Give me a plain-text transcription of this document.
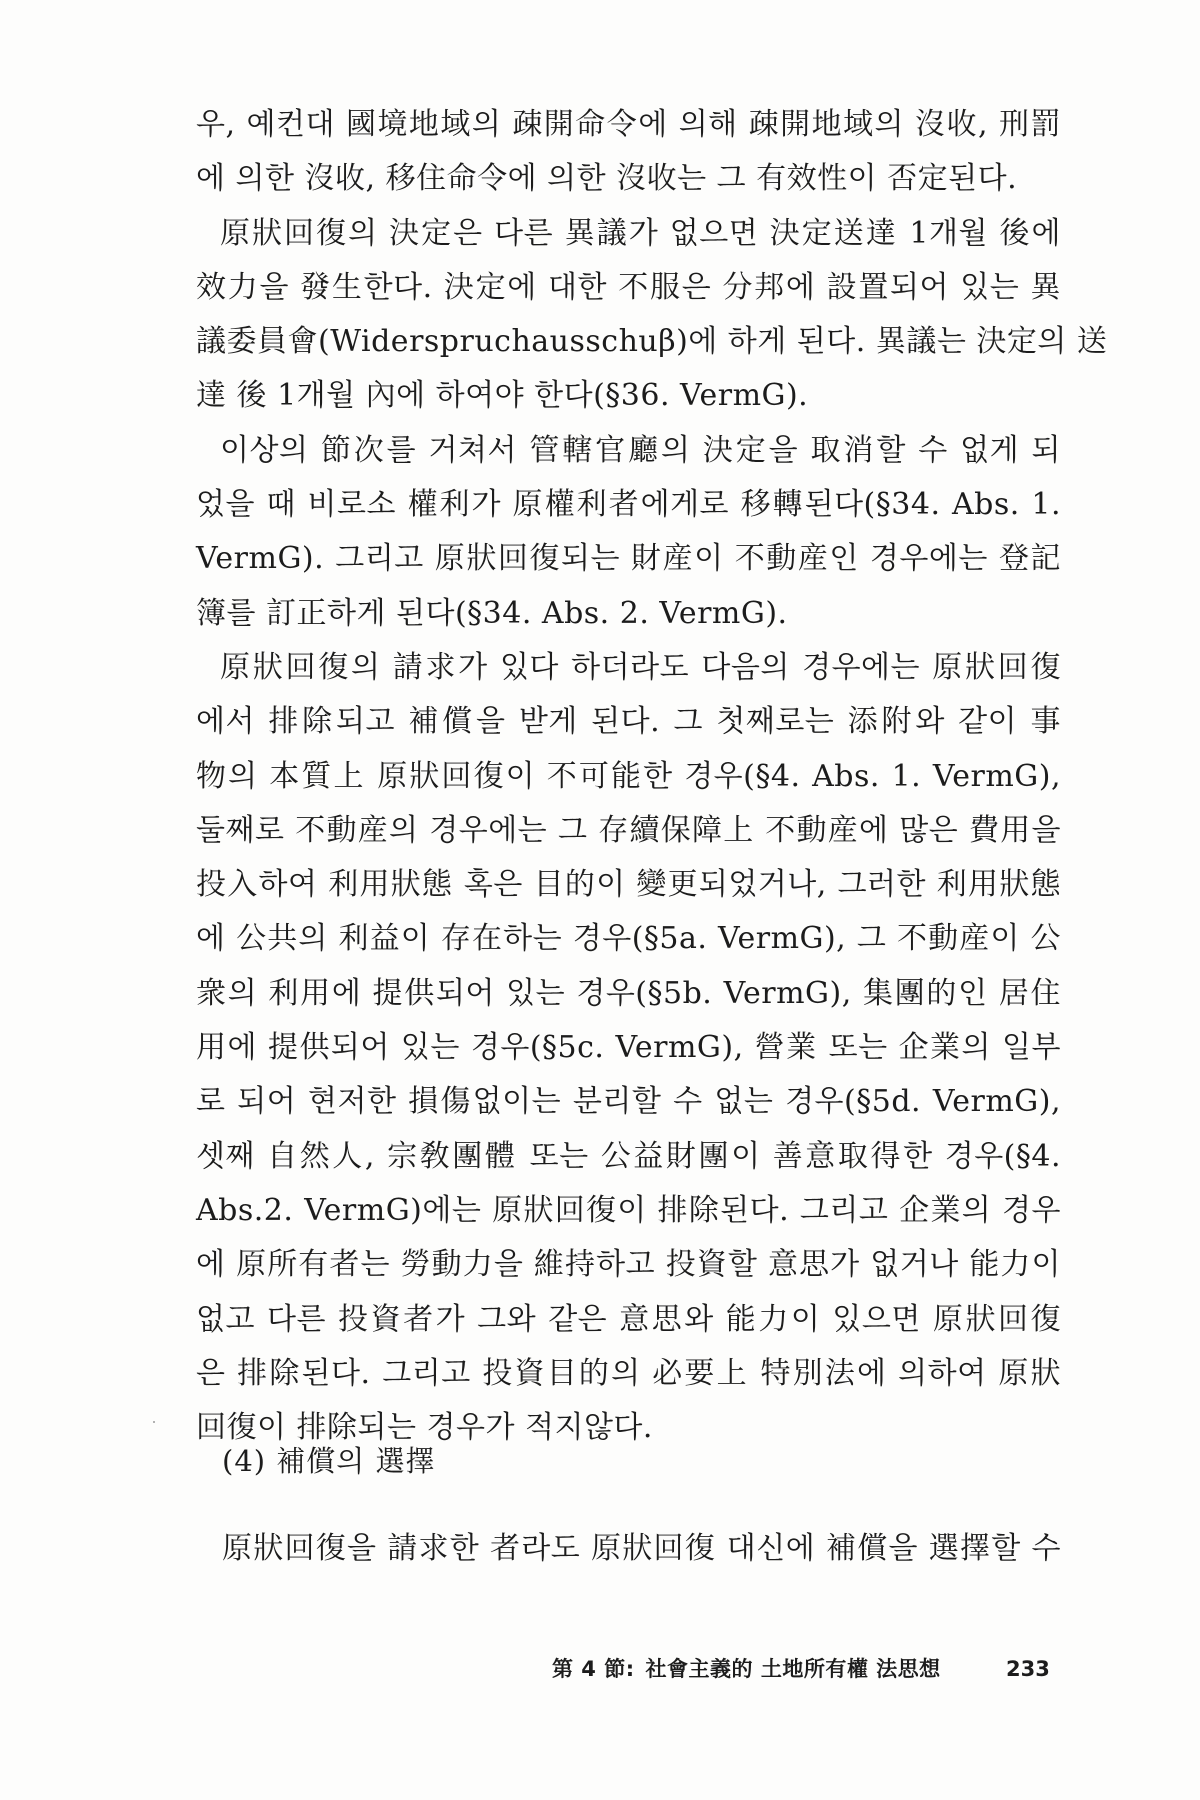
우, 예컨대 國境地域의 疎開命令에 의해 疎開地域의 沒收, 刑罰
에 의한 沒收, 移住命令에 의한 沒收는 그 有效性이 否定된다.
原狀回復의 決定은 다른 異議가 없으면 決定送達 1개월 後에
效力을 發生한다. 決定에 대한 不服은 分邦에 設置되어 있는 異
議委員會(Widerspruchausschuβ)에 하게 된다. 異議는 決定의 送
達 後 1개월 內에 하여야 한다(§36. VermG).
이상의 節次를 거쳐서 管轄官廳의 決定을 取消할 수 없게 되
었을 때 비로소 權利가 原權利者에게로 移轉된다(§34. Abs. 1.
VermG). 그리고 原狀回復되는 財産이 不動産인 경우에는 登記
簿를 訂正하게 된다(§34. Abs. 2. VermG).
原狀回復의 請求가 있다 하더라도 다음의 경우에는 原狀回復
에서 排除되고 補償을 받게 된다. 그 첫째로는 添附와 같이 事
物의 本質上 原狀回復이 不可能한 경우(§4. Abs. 1. VermG),
둘째로 不動産의 경우에는 그 存續保障上 不動産에 많은 費用을
投入하여 利用狀態 혹은 目的이 變更되었거나, 그러한 利用狀態
에 公共의 利益이 存在하는 경우(§5a. VermG), 그 不動産이 公
衆의 利用에 提供되어 있는 경우(§5b. VermG), 集團的인 居住
用에 提供되어 있는 경우(§5c. VermG), 營業 또는 企業의 일부
로 되어 현저한 損傷없이는 분리할 수 없는 경우(§5d. VermG),
셋째 自然人, 宗敎團體 또는 公益財團이 善意取得한 경우(§4.
Abs.2. VermG)에는 原狀回復이 排除된다. 그리고 企業의 경우
에 原所有者는 勞動力을 維持하고 投資할 意思가 없거나 能力이
없고 다른 投資者가 그와 같은 意思와 能力이 있으면 原狀回復
은 排除된다. 그리고 投資目的의 必要上 特別法에 의하여 原狀
回復이 排除되는 경우가 적지않다.
(4) 補償의 選擇
原狀回復을 請求한 者라도 原狀回復 대신에 補償을 選擇할 수
第 4 節: 社會主義的 土地所有權 法思想	233
